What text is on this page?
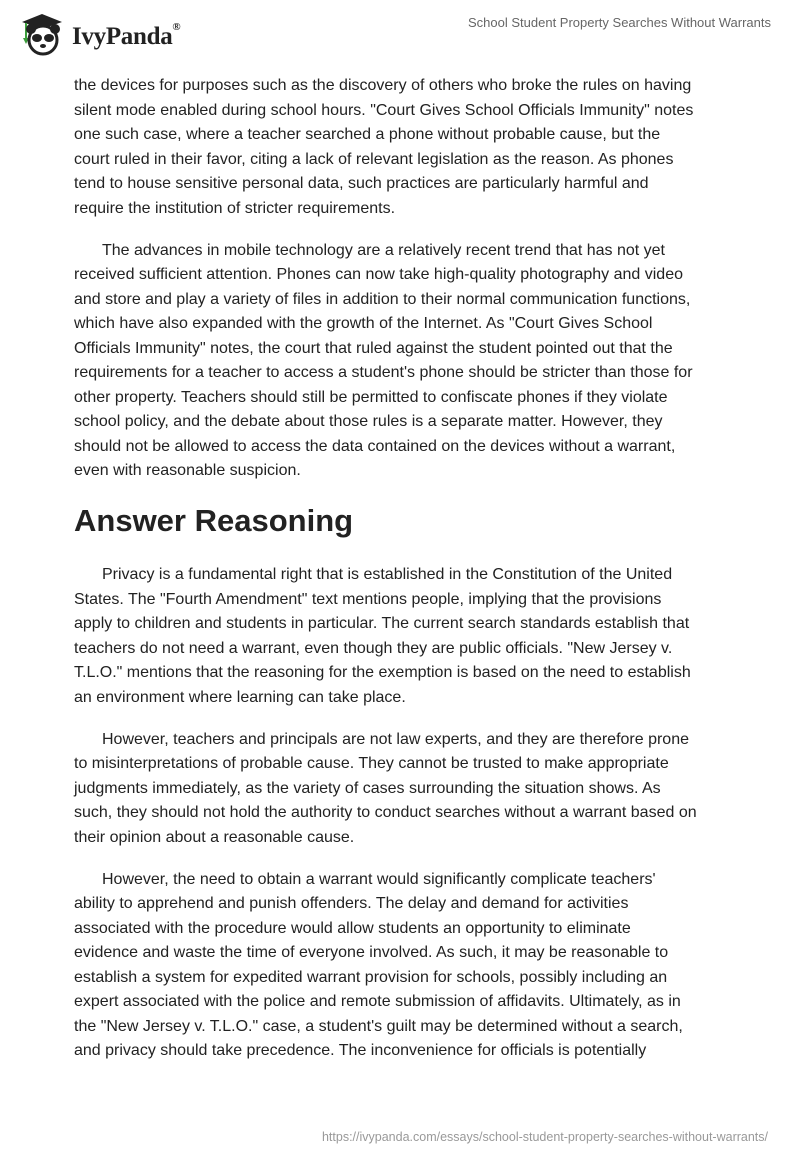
IvyPanda®	School Student Property Searches Without Warrants
the devices for purposes such as the discovery of others who broke the rules on having
silent mode enabled during school hours. "Court Gives School Officials Immunity" notes
one such case, where a teacher searched a phone without probable cause, but the
court ruled in their favor, citing a lack of relevant legislation as the reason. As phones
tend to house sensitive personal data, such practices are particularly harmful and
require the institution of stricter requirements.
The advances in mobile technology are a relatively recent trend that has not yet
received sufficient attention. Phones can now take high-quality photography and video
and store and play a variety of files in addition to their normal communication functions,
which have also expanded with the growth of the Internet. As "Court Gives School
Officials Immunity" notes, the court that ruled against the student pointed out that the
requirements for a teacher to access a student's phone should be stricter than those for
other property. Teachers should still be permitted to confiscate phones if they violate
school policy, and the debate about those rules is a separate matter. However, they
should not be allowed to access the data contained on the devices without a warrant,
even with reasonable suspicion.
Answer Reasoning
Privacy is a fundamental right that is established in the Constitution of the United
States. The "Fourth Amendment" text mentions people, implying that the provisions
apply to children and students in particular. The current search standards establish that
teachers do not need a warrant, even though they are public officials. "New Jersey v.
T.L.O." mentions that the reasoning for the exemption is based on the need to establish
an environment where learning can take place.
However, teachers and principals are not law experts, and they are therefore prone
to misinterpretations of probable cause. They cannot be trusted to make appropriate
judgments immediately, as the variety of cases surrounding the situation shows. As
such, they should not hold the authority to conduct searches without a warrant based on
their opinion about a reasonable cause.
However, the need to obtain a warrant would significantly complicate teachers'
ability to apprehend and punish offenders. The delay and demand for activities
associated with the procedure would allow students an opportunity to eliminate
evidence and waste the time of everyone involved. As such, it may be reasonable to
establish a system for expedited warrant provision for schools, possibly including an
expert associated with the police and remote submission of affidavits. Ultimately, as in
the "New Jersey v. T.L.O." case, a student's guilt may be determined without a search,
and privacy should take precedence. The inconvenience for officials is potentially
https://ivypanda.com/essays/school-student-property-searches-without-warrants/
